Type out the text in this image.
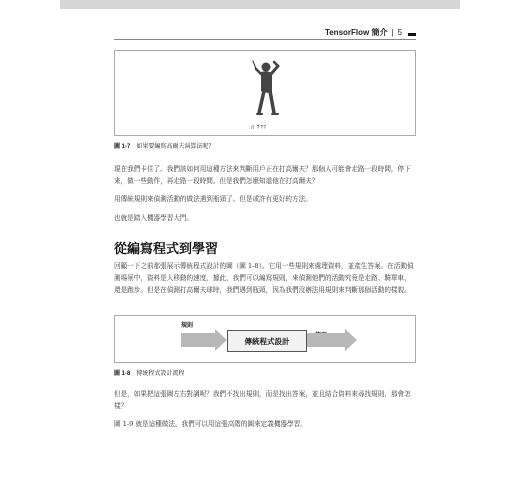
TensorFlow 簡介 | 5
// ???
圖 1-7 如果要編寫高爾夫演算法呢？

現在我們卡住了。我們該如何用這種方法來判斷用戶正在打高爾夫？那個人可能會走路一段時間，停下來，做一些動作，再走路一段時間。但是我們怎麼知道他在打高爾夫？

用傳統規則來偵測活動的做法遇到瓶頸了。但是或許有更好的方法。

也就是踏入機器學習大門。

從編寫程式到學習

回顧一下之前那張展示傳統程式設計的圖（圖 1-8）。它用一些規則來處理資料，並產生答案。在活動偵測場景中，資料是人移動的速度，據此，我們可以編寫規則，來偵測他們的活動究竟是走路、騎單車，還是跑步。但是在偵測打高爾夫球時，我們遇到瓶頸，因為我們沒辦法用規則來判斷那個活動的樣貌。

規則
傳統程式設計
圖 1-8 傳統程式設計流程

但是，如果把這張圖左右對調呢？我們不找出規則，而是找出答案，並且結合資料來尋找規則，那會怎樣？

圖 1-9 就是這種做法。我們可以用這張高階的圖來定義機器學習。
